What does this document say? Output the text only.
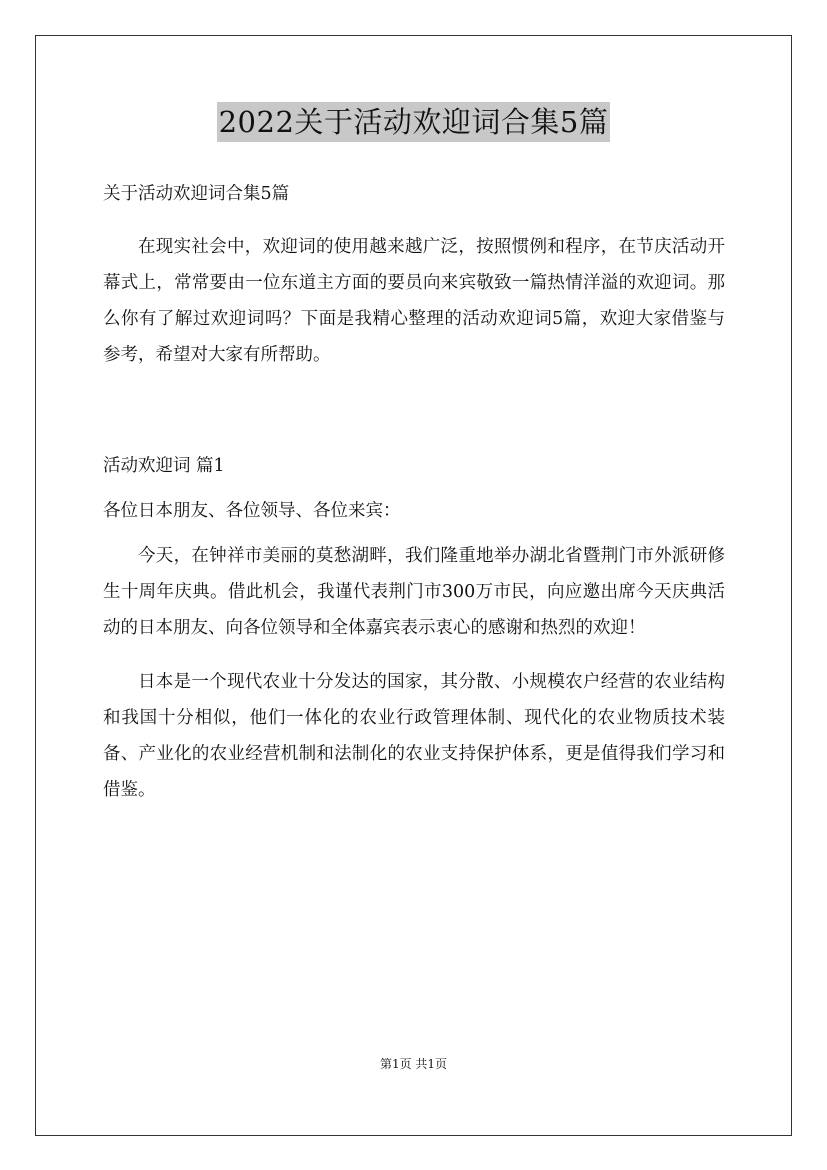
2022关于活动欢迎词合集5篇
关于活动欢迎词合集5篇

在现实社会中，欢迎词的使用越来越广泛，按照惯例和程序，在节庆活动开幕式上，常常要由一位东道主方面的要员向来宾敬致一篇热情洋溢的欢迎词。那么你有了解过欢迎词吗？下面是我精心整理的活动欢迎词5篇，欢迎大家借鉴与参考，希望对大家有所帮助。

活动欢迎词 篇1
各位日本朋友、各位领导、各位来宾：

今天，在钟祥市美丽的莫愁湖畔，我们隆重地举办湖北省暨荆门市外派研修生十周年庆典。借此机会，我谨代表荆门市300万市民，向应邀出席今天庆典活动的日本朋友、向各位领导和全体嘉宾表示衷心的感谢和热烈的欢迎！

日本是一个现代农业十分发达的国家，其分散、小规模农户经营的农业结构和我国十分相似，他们一体化的农业行政管理体制、现代化的农业物质技术装备、产业化的农业经营机制和法制化的农业支持保护体系，更是值得我们学习和借鉴。

第1页 共1页
